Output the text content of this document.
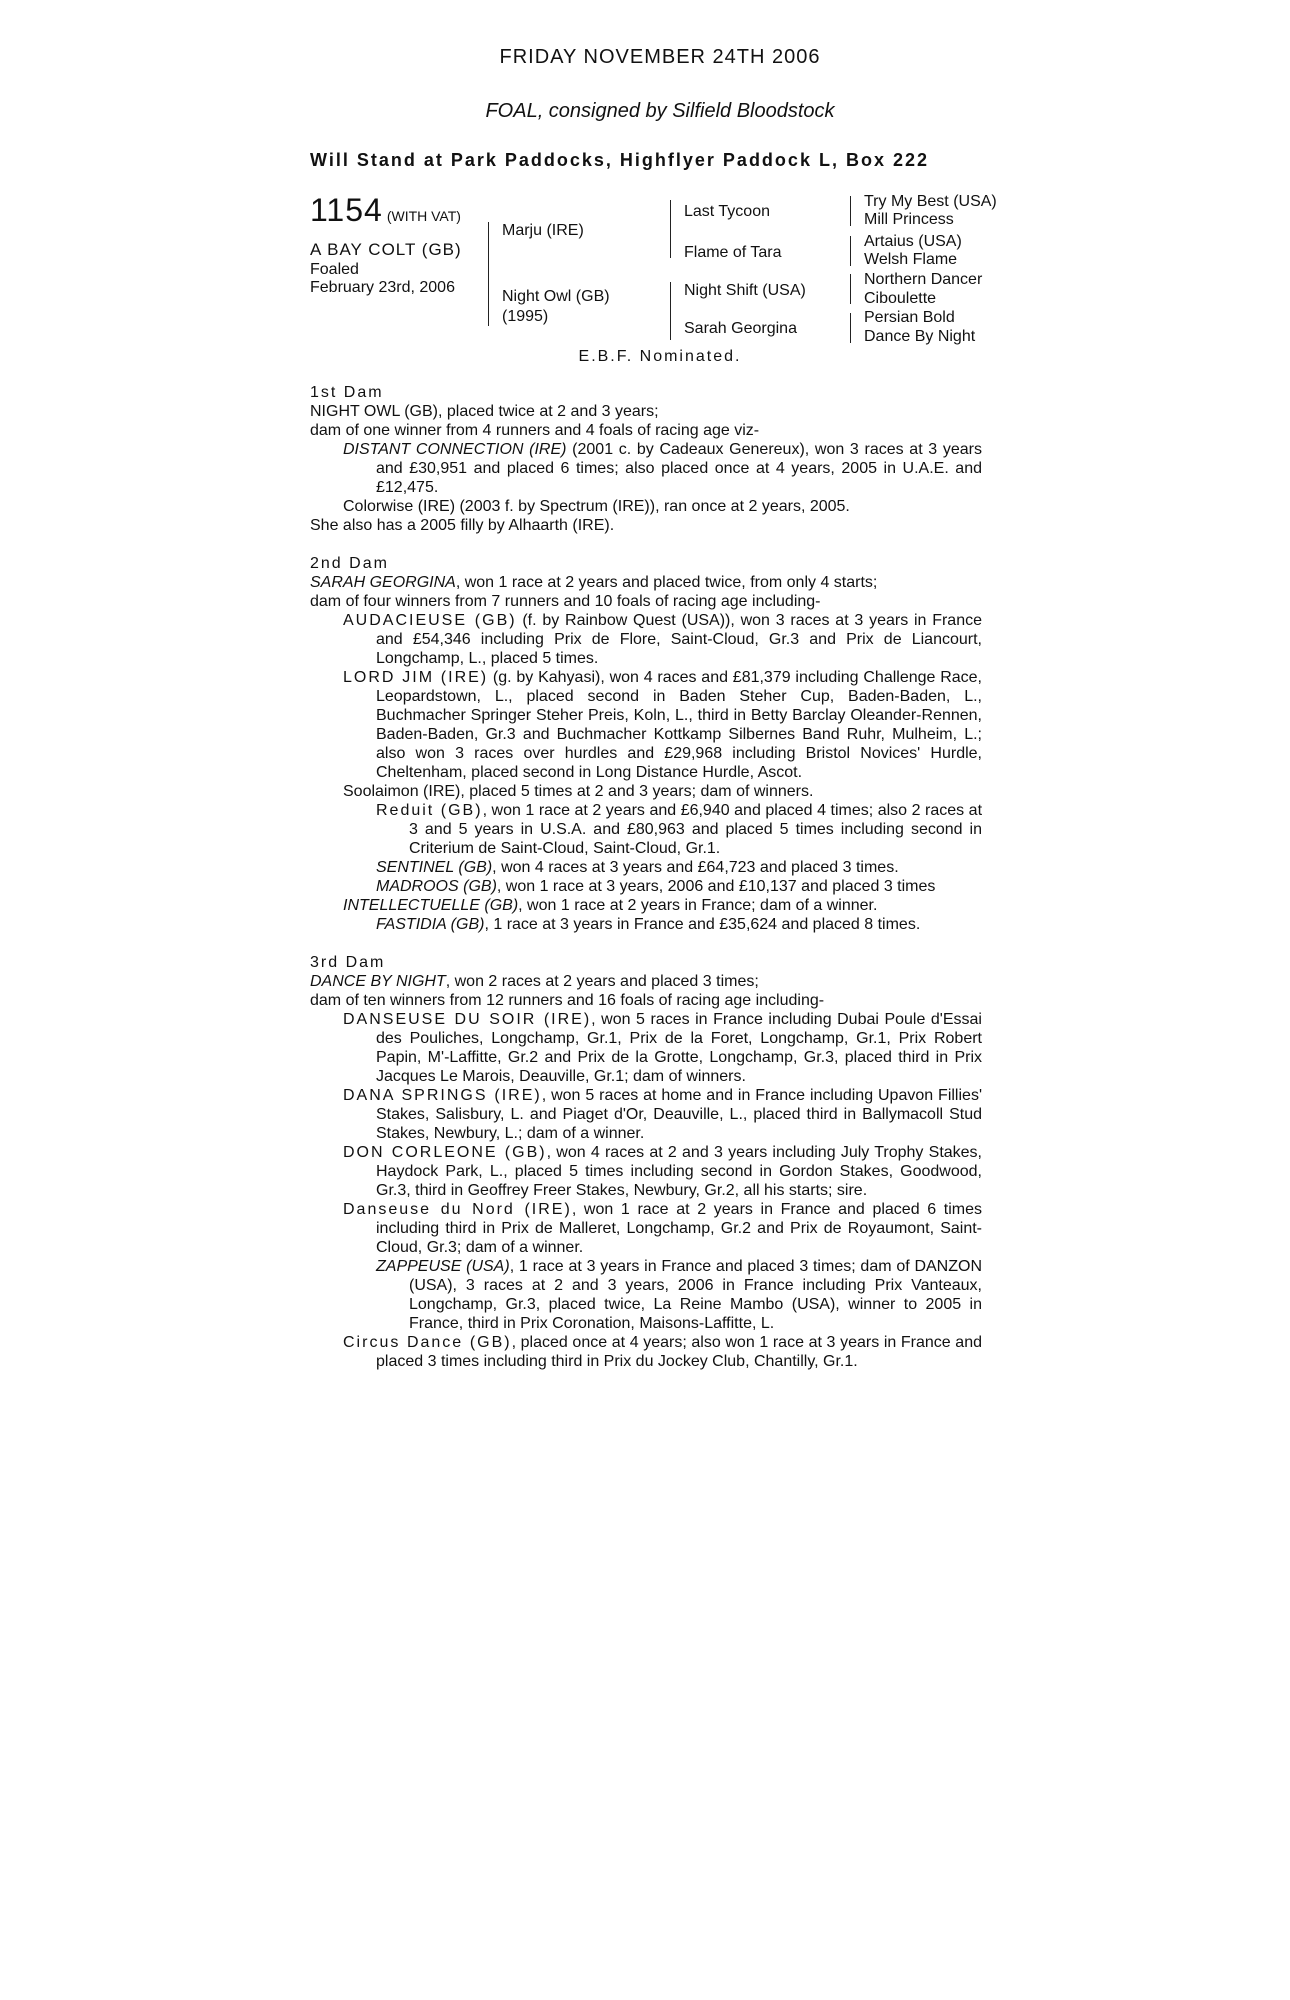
FRIDAY NOVEMBER 24TH 2006
FOAL, consigned by Silfield Bloodstock
Will Stand at Park Paddocks, Highflyer Paddock L, Box 222
1154 (WITH VAT)
A BAY COLT (GB)
Foaled
February 23rd, 2006
Marju (IRE)
Night Owl (GB)
(1995)
Last Tycoon
Flame of Tara
Night Shift (USA)
Sarah Georgina
Try My Best (USA)
Mill Princess
Artaius (USA)
Welsh Flame
Northern Dancer
Ciboulette
Persian Bold
Dance By Night
E.B.F. Nominated.
1st Dam

NIGHT OWL (GB), placed twice at 2 and 3 years;

dam of one winner from 4 runners and 4 foals of racing age viz-

DISTANT CONNECTION (IRE) (2001 c. by Cadeaux Genereux), won 3 races at 3 years and £30,951 and placed 6 times; also placed once at 4 years, 2005 in U.A.E. and £12,475.

Colorwise (IRE) (2003 f. by Spectrum (IRE)), ran once at 2 years, 2005.

She also has a 2005 filly by Alhaarth (IRE).

2nd Dam

SARAH GEORGINA, won 1 race at 2 years and placed twice, from only 4 starts;

dam of four winners from 7 runners and 10 foals of racing age including-

AUDACIEUSE (GB) (f. by Rainbow Quest (USA)), won 3 races at 3 years in France and £54,346 including Prix de Flore, Saint-Cloud, Gr.3 and Prix de Liancourt, Longchamp, L., placed 5 times.

LORD JIM (IRE) (g. by Kahyasi), won 4 races and £81,379 including Challenge Race, Leopardstown, L., placed second in Baden Steher Cup, Baden-Baden, L., Buchmacher Springer Steher Preis, Koln, L., third in Betty Barclay Oleander-Rennen, Baden-Baden, Gr.3 and Buchmacher Kottkamp Silbernes Band Ruhr, Mulheim, L.; also won 3 races over hurdles and £29,968 including Bristol Novices' Hurdle, Cheltenham, placed second in Long Distance Hurdle, Ascot.

Soolaimon (IRE), placed 5 times at 2 and 3 years; dam of winners.

Reduit (GB), won 1 race at 2 years and £6,940 and placed 4 times; also 2 races at 3 and 5 years in U.S.A. and £80,963 and placed 5 times including second in Criterium de Saint-Cloud, Saint-Cloud, Gr.1.

SENTINEL (GB), won 4 races at 3 years and £64,723 and placed 3 times.

MADROOS (GB), won 1 race at 3 years, 2006 and £10,137 and placed 3 times

INTELLECTUELLE (GB), won 1 race at 2 years in France; dam of a winner.

FASTIDIA (GB), 1 race at 3 years in France and £35,624 and placed 8 times.

3rd Dam

DANCE BY NIGHT, won 2 races at 2 years and placed 3 times;

dam of ten winners from 12 runners and 16 foals of racing age including-

DANSEUSE DU SOIR (IRE), won 5 races in France including Dubai Poule d'Essai des Pouliches, Longchamp, Gr.1, Prix de la Foret, Longchamp, Gr.1, Prix Robert Papin, M'-Laffitte, Gr.2 and Prix de la Grotte, Longchamp, Gr.3, placed third in Prix Jacques Le Marois, Deauville, Gr.1; dam of winners.

DANA SPRINGS (IRE), won 5 races at home and in France including Upavon Fillies' Stakes, Salisbury, L. and Piaget d'Or, Deauville, L., placed third in Ballymacoll Stud Stakes, Newbury, L.; dam of a winner.

DON CORLEONE (GB), won 4 races at 2 and 3 years including July Trophy Stakes, Haydock Park, L., placed 5 times including second in Gordon Stakes, Goodwood, Gr.3, third in Geoffrey Freer Stakes, Newbury, Gr.2, all his starts; sire.

Danseuse du Nord (IRE), won 1 race at 2 years in France and placed 6 times including third in Prix de Malleret, Longchamp, Gr.2 and Prix de Royaumont, Saint-Cloud, Gr.3; dam of a winner.

ZAPPEUSE (USA), 1 race at 3 years in France and placed 3 times; dam of DANZON (USA), 3 races at 2 and 3 years, 2006 in France including Prix Vanteaux, Longchamp, Gr.3, placed twice, La Reine Mambo (USA), winner to 2005 in France, third in Prix Coronation, Maisons-Laffitte, L.

Circus Dance (GB), placed once at 4 years; also won 1 race at 3 years in France and placed 3 times including third in Prix du Jockey Club, Chantilly, Gr.1.
